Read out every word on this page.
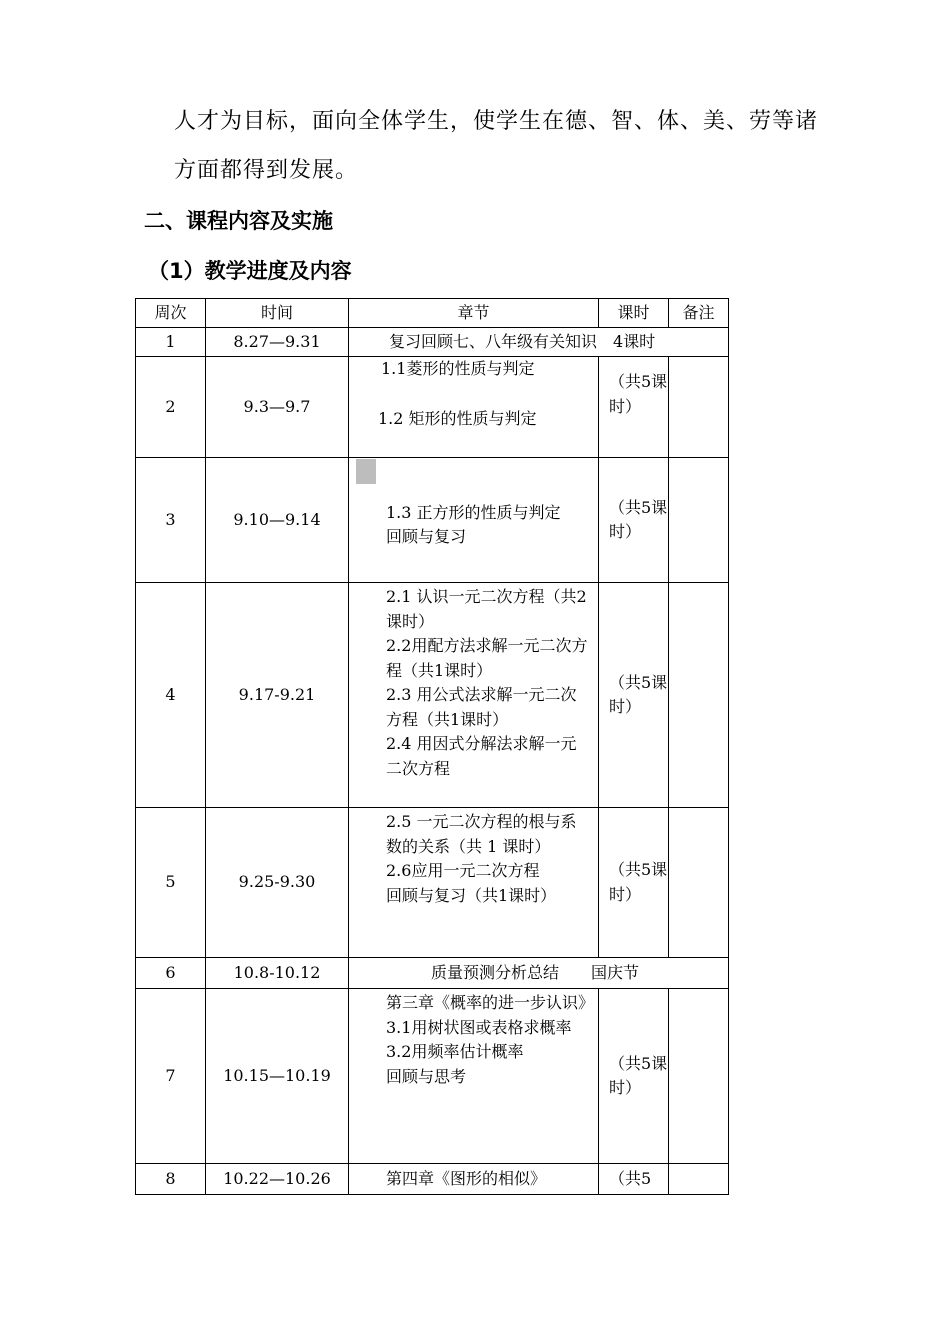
人才为目标，面向全体学生，使学生在德、智、体、美、劳等诸
方面都得到发展。
二、课程内容及实施
（1）教学进度及内容
周次	时间	章节	课时	备注
1	8.27—9.31	复习回顾七、八年级有关知识　4课时		
2	9.3—9.7	1.1菱形的性质与判定
1.2 矩形的性质与判定	（共5课时）	
3	9.10—9.14	1.3 正方形的性质与判定
回顾与复习	（共5课时）	
4	9.17-9.21	2.1 认识一元二次方程（共2课时）
2.2用配方法求解一元二次方程（共1课时）
2.3 用公式法求解一元二次方程（共1课时）
2.4 用因式分解法求解一元二次方程	（共5课时）	
5	9.25-9.30	2.5 一元二次方程的根与系数的关系（共 1 课时）
2.6应用一元二次方程
回顾与复习（共1课时）	（共5课时）	
6	10.8-10.12	质量预测分析总结　　国庆节		
7	10.15—10.19	第三章《概率的进一步认识》
3.1用树状图或表格求概率
3.2用频率估计概率
回顾与思考	（共5课时）	
8	10.22—10.26	第四章《图形的相似》	（共5	
